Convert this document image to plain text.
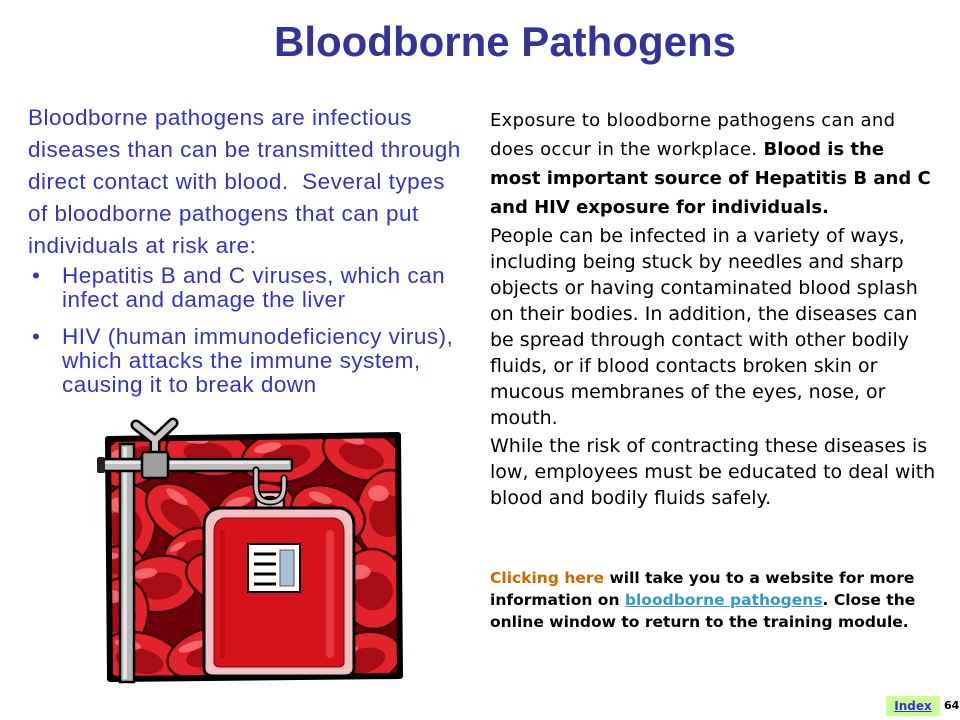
Bloodborne Pathogens
Bloodborne pathogens are infectious
diseases than can be transmitted through
direct contact with blood.  Several types
of bloodborne pathogens that can put
individuals at risk are:
• Hepatitis B and C viruses, which can
infect and damage the liver
• HIV (human immunodeficiency virus),
which attacks the immune system,
causing it to break down
Exposure to bloodborne pathogens can and
does occur in the workplace. Blood is the
most important source of Hepatitis B and C
and HIV exposure for individuals.
People can be infected in a variety of ways,
including being stuck by needles and sharp
objects or having contaminated blood splash
on their bodies. In addition, the diseases can
be spread through contact with other bodily
fluids, or if blood contacts broken skin or
mucous membranes of the eyes, nose, or
mouth.
While the risk of contracting these diseases is
low, employees must be educated to deal with
blood and bodily fluids safely.
Clicking here will take you to a website for more
information on bloodborne pathogens. Close the
online window to return to the training module.
Index	64
